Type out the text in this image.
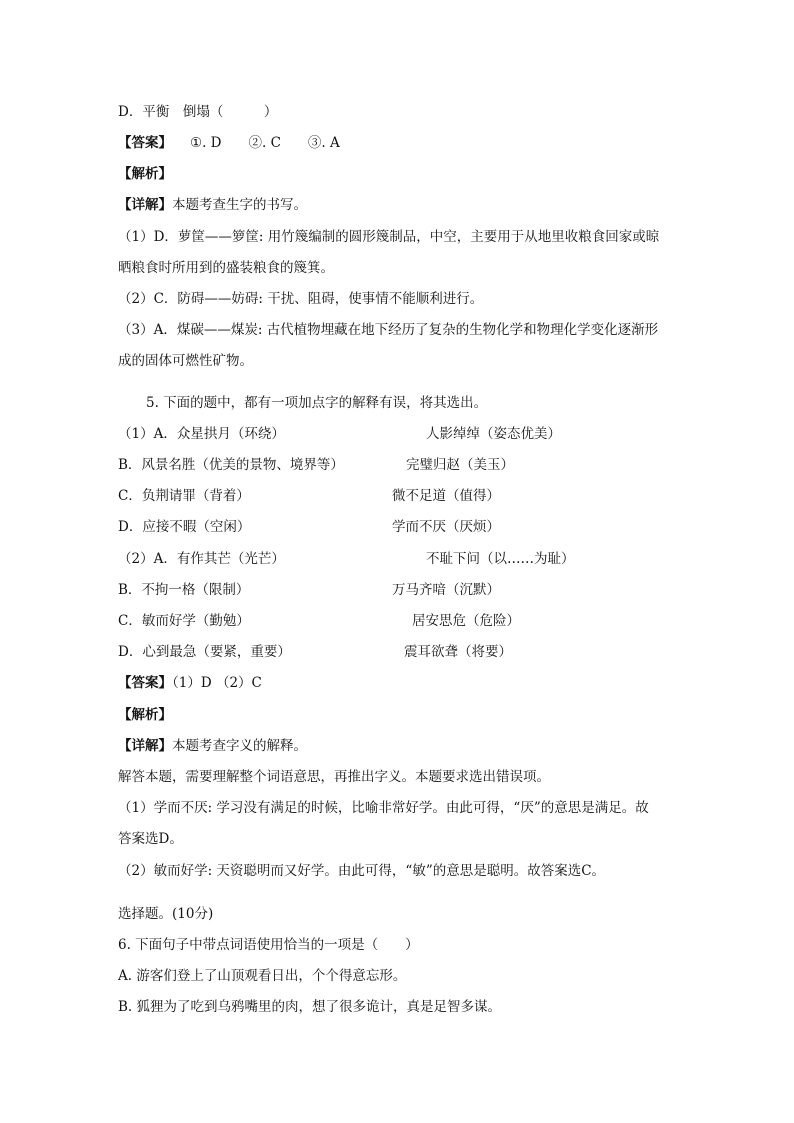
D．平衡　倒塌（　　　）
【答案】 ①. D　　②. C　　③. A
【解析】
【详解】本题考查生字的书写。
（1）D．萝筐——箩筐: 用竹篾编制的圆形篾制品，中空，主要用于从地里收粮食回家或晾
晒粮食时所用到的盛装粮食的篾箕。
（2）C．防碍——妨碍: 干扰、阻碍，使事情不能顺利进行。
（3）A．煤碳——煤炭: 古代植物埋藏在地下经历了复杂的生物化学和物理化学变化逐渐形
成的固体可燃性矿物。
5. 下面的题中，都有一项加点字的解释有误，将其选出。
（1）A．众星拱月（环绕）	人影绰绰（姿态优美）
B．风景名胜（优美的景物、境界等）	完璧归赵（美玉）
C．负荆请罪（背着）	微不足道（值得）
D．应接不暇（空闲）	学而不厌（厌烦）
（2）A．有作其芒（光芒）	不耻下问（以……为耻）
B．不拘一格（限制）	万马齐喑（沉默）
C．敏而好学（勤勉）	居安思危（危险）
D．心到最急（要紧，重要）	震耳欲聋（将要）
【答案】（1）D （2）C
【解析】
【详解】本题考查字义的解释。
解答本题，需要理解整个词语意思，再推出字义。本题要求选出错误项。
（1）学而不厌: 学习没有满足的时候，比喻非常好学。由此可得，“厌”的意思是满足。故
答案选D。
（2）敏而好学: 天资聪明而又好学。由此可得，“敏”的意思是聪明。故答案选C。
选择题。(10分)
6. 下面句子中带点词语使用恰当的一项是（　　）
A. 游客们登上了山顶观看日出，个个得意忘形。
B. 狐狸为了吃到乌鸦嘴里的肉，想了很多诡计，真是足智多谋。
